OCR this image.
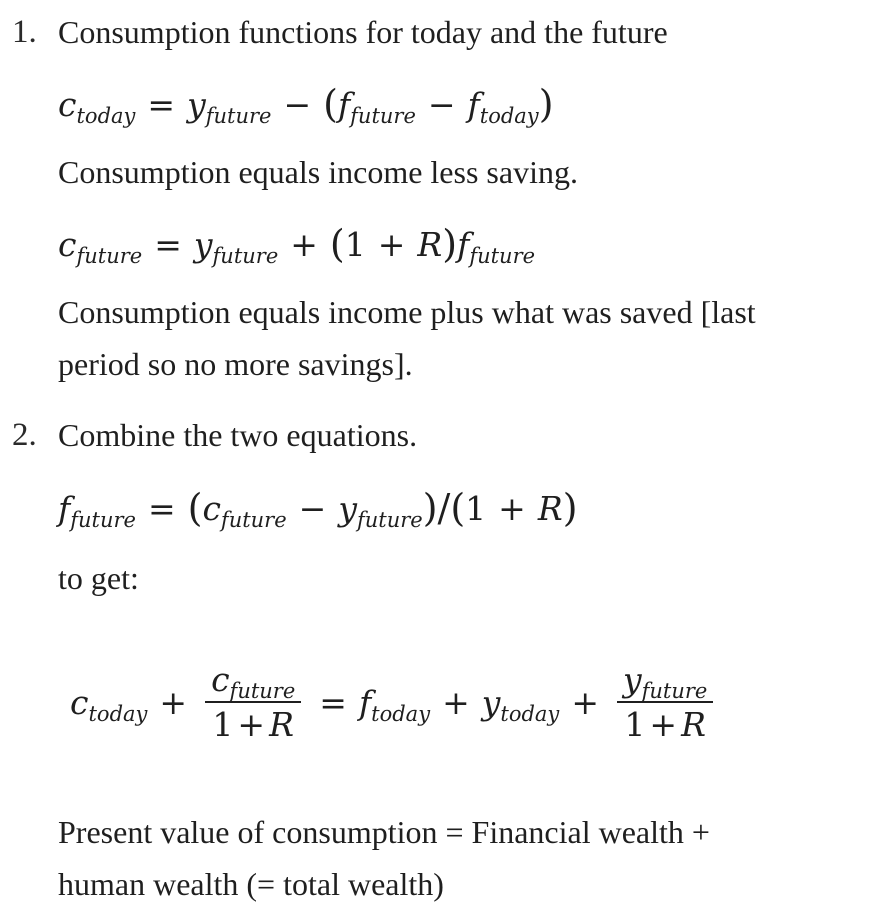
1. Consumption functions for today and the future
$c_{today} = y_{future}$ − ( $f_{future} - f_{today}$ )
Consumption equals income less saving.
$c_{future} = y_{future}$ + ( 1 + R ) $f_{future}$
Consumption equals income plus what was saved [last
period so no more savings].
2. Combine the two equations.
$f_{future}$ = ( $c_{future} - y_{future}$ ) / ( 1 + R )
to get:
$c_{today} + \frac{c_{future}}{1 + R} = f_{today} + y_{today} + \frac{y_{future}}{1 + R}$
Present value of consumption = Financial wealth +
human wealth (= total wealth)
